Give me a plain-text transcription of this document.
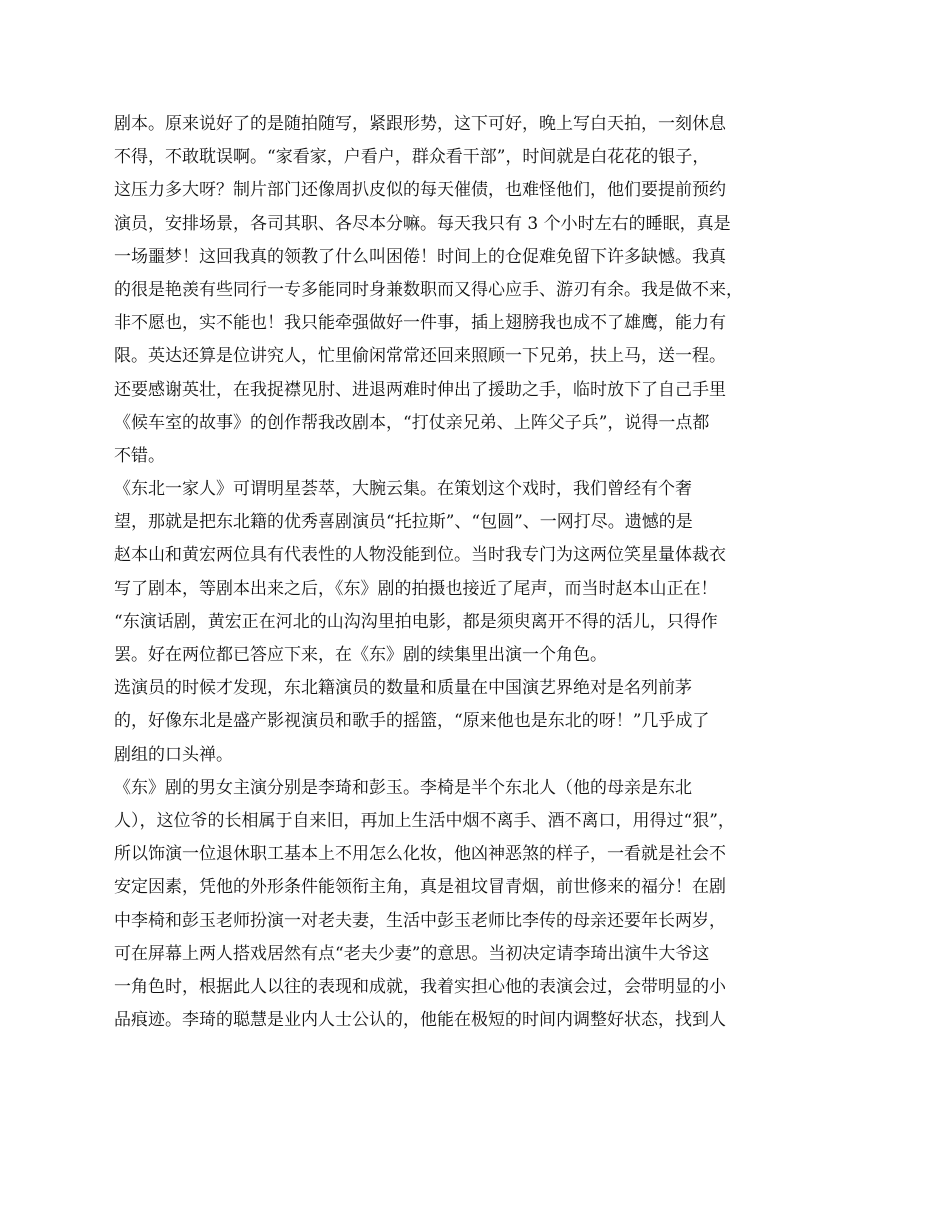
剧本。原来说好了的是随拍随写，紧跟形势，这下可好，晚上写白天拍，一刻休息
不得，不敢耽误啊。“家看家，户看户，群众看干部”，时间就是白花花的银子，
这压力多大呀？制片部门还像周扒皮似的每天催债，也难怪他们，他们要提前预约
演员，安排场景，各司其职、各尽本分嘛。每天我只有 3 个小时左右的睡眠，真是
一场噩梦！这回我真的领教了什么叫困倦！时间上的仓促难免留下许多缺憾。我真
的很是艳羡有些同行一专多能同时身兼数职而又得心应手、游刃有余。我是做不来，
非不愿也，实不能也！我只能牵强做好一件事，插上翅膀我也成不了雄鹰，能力有
限。英达还算是位讲究人，忙里偷闲常常还回来照顾一下兄弟，扶上马，送一程。
还要感谢英壮，在我捉襟见肘、进退两难时伸出了援助之手，临时放下了自己手里
《候车室的故事》的创作帮我改剧本，“打仗亲兄弟、上阵父子兵”，说得一点都
不错。
《东北一家人》可谓明星荟萃，大腕云集。在策划这个戏时，我们曾经有个奢
望，那就是把东北籍的优秀喜剧演员“托拉斯”、“包圆”、一网打尽。遗憾的是
赵本山和黄宏两位具有代表性的人物没能到位。当时我专门为这两位笑星量体裁衣
写了剧本，等剧本出来之后，《东》剧的拍摄也接近了尾声，而当时赵本山正在！
“东演话剧，黄宏正在河北的山沟沟里拍电影，都是须臾离开不得的活儿，只得作
罢。好在两位都已答应下来，在《东》剧的续集里出演一个角色。
选演员的时候才发现，东北籍演员的数量和质量在中国演艺界绝对是名列前茅
的，好像东北是盛产影视演员和歌手的摇篮，“原来他也是东北的呀！”几乎成了
剧组的口头禅。
《东》剧的男女主演分别是李琦和彭玉。李椅是半个东北人（他的母亲是东北
人），这位爷的长相属于自来旧，再加上生活中烟不离手、酒不离口，用得过“狠”，
所以饰演一位退休职工基本上不用怎么化妆，他凶神恶煞的样子，一看就是社会不
安定因素，凭他的外形条件能领衔主角，真是祖坟冒青烟，前世修来的福分！在剧
中李椅和彭玉老师扮演一对老夫妻，生活中彭玉老师比李传的母亲还要年长两岁，
可在屏幕上两人搭戏居然有点“老夫少妻”的意思。当初决定请李琦出演牛大爷这
一角色时，根据此人以往的表现和成就，我着实担心他的表演会过，会带明显的小
品痕迹。李琦的聪慧是业内人士公认的，他能在极短的时间内调整好状态，找到人
